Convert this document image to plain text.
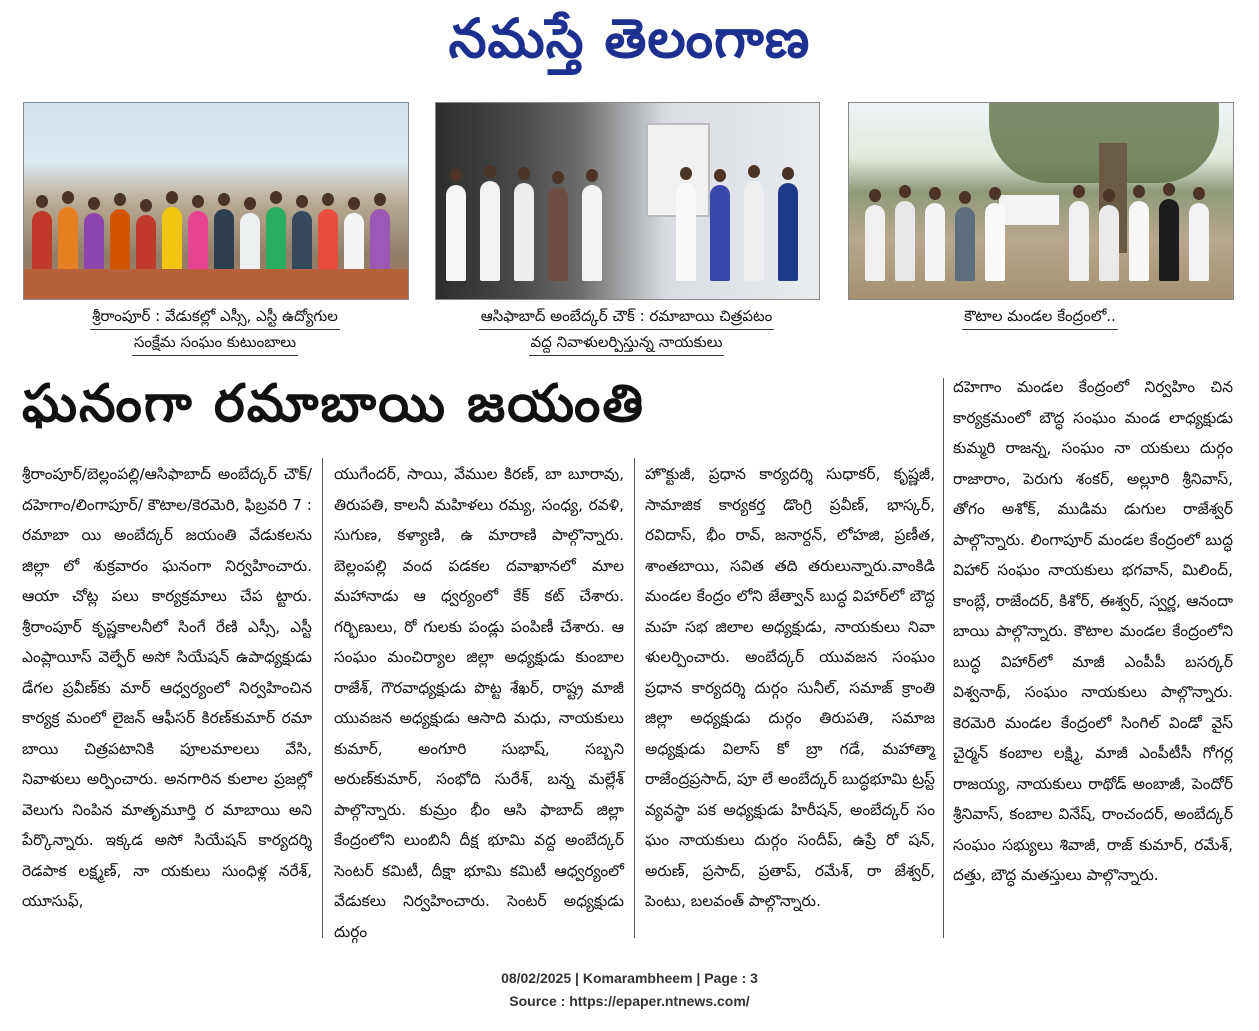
నమస్తే తెలంగాణ
శ్రీరాంపూర్ : వేడుకల్లో ఎస్సీ, ఎస్టీ ఉద్యోగుల
సంక్షేమ సంఘం కుటుంబాలు
ఆసిఫాబాద్ అంబేద్కర్ చౌక్ : రమాబాయి చిత్రపటం
వద్ద నివాళులర్పిస్తున్న నాయకులు
కౌటాల మండల కేంద్రంలో..
ఘనంగా రమాబాయి జయంతి
శ్రీరాంపూర్/బెల్లంపల్లి/ఆసిఫాబాద్ అంబేద్కర్ చౌక్/దహెగాం/లింగాపూర్/ కౌటాల/కెరమెరి, ఫిబ్రవరి 7 : రమాబా యి అంబేద్కర్ జయంతి వేడుకలను జిల్లా లో శుక్రవారం ఘనంగా నిర్వహించారు. ఆయా చోట్ల పలు కార్యక్రమాలు చేప ట్టారు. శ్రీరాంపూర్ కృష్ణకాలనీలో సింగే రేణి ఎస్సీ, ఎస్టీ ఎంప్లాయీస్ వెల్ఫేర్ అసో సియేషన్ ఉపాధ్యక్షుడు డేగల ప్రవీణ్‌కు మార్ ఆధ్వర్యంలో నిర్వహించిన కార్యక్ర మంలో లైజన్ ఆఫీసర్ కిరణ్‌కుమార్ రమా బాయి చిత్రపటానికి పూలమాలలు వేసి, నివాళులు అర్పించారు. అనగారిన కులాల ప్రజల్లో వెలుగు నింపిన మాతృమూర్తి ర మాబాయి అని పేర్కొన్నారు. ఇక్కడ అసో సియేషన్ కార్యదర్శి రెడపాక లక్ష్మణ్, నా యకులు సుంధిళ్ల నరేశ్, యూసుఫ్,
యుగేందర్, సాయి, వేముల కిరణ్, బా బూరావు, తిరుపతి, కాలనీ మహిళలు రమ్య, సంధ్య, రవళి, సుగుణ, కళ్యాణి, ఉ మారాణి పాల్గొన్నారు. బెల్లంపల్లి వంద పడకల దవాఖానలో మాల మహానాడు ఆ ధ్వర్యంలో కేక్ కట్ చేశారు. గర్భిణులు, రో గులకు పండ్లు పంపిణీ చేశారు. ఆ సంఘం మంచిర్యాల జిల్లా అధ్యక్షుడు కుంబాల రాజేశ్, గౌరవాధ్యక్షుడు పొట్ట శేఖర్, రాష్ట్ర మాజీ యువజన అధ్యక్షుడు ఆసాది మధు, నాయకులు కుమార్, అంగూరి సుభాష్, సబ్బని అరుణ్‌కుమార్, సంభోది సురేశ్, బన్న మల్లేశ్ పాల్గొన్నారు. కుమ్రం భీం ఆసి ఫాబాద్ జిల్లా కేంద్రంలోని లుంబినీ దీక్ష భూమి వద్ద అంబేద్కర్ సెంటర్ కమిటీ, దీక్షా భూమి కమిటీ ఆధ్వర్యంలో వేడుకలు నిర్వహించారు. సెంటర్ అధ్యక్షుడు దుర్గం
హొక్టుజీ, ప్రధాన కార్యదర్శి సుధాకర్, కృష్ణజీ, సామాజిక కార్యకర్త డొంగ్రి ప్రవీణ్, భాస్కర్, రవిదాస్, భీం రావ్, జనార్దన్, లోహజి, ప్రణీత, శాంతబాయి, సవిత తది తరులున్నారు.వాంకిడి మండల కేంద్రం లోని జేత్వాన్ బుద్ధ విహార్‌లో బౌద్ధ మహ సభ జిలాల అధ్యక్షుడు, నాయకులు నివా ళులర్పించారు. అంబేద్కర్ యువజన సంఘం ప్రధాన కార్యదర్శి దుర్గం సునీల్, సమాజ్ క్రాంతి జిల్లా అధ్యక్షుడు దుర్గం తిరుపతి, సమాజ అధ్యక్షుడు విలాస్ కో బ్రా గడే, మహాత్మా రాజేంద్రప్రసాద్, పూ లే అంబేద్కర్ బుద్ధభూమి ట్రస్ట్ వ్యవస్థా పక అధ్యక్షుడు హిరీషన్, అంబేద్కర్ సం ఘం నాయకులు దుర్గం సందీప్, ఉప్రే రో షన్, అరుణ్, ప్రసాద్, ప్రతాప్, రమేశ్, రా జేశ్వర్, పెంటు, బలవంత్ పాల్గొన్నారు.
దహెగాం మండల కేంద్రంలో నిర్వహిం చిన కార్యక్రమంలో బౌద్ధ సంఘం మండ లాధ్యక్షుడు కుమ్మరి రాజన్న, సంఘం నా యకులు దుర్గం రాజారాం, పెరుగు శంకర్, అల్లూరి శ్రీనివాస్, తోగం అశోక్, ముడిమ డుగుల రాజేశ్వర్ పాల్గొన్నారు. లింగాపూర్ మండల కేంద్రంలో బుద్ధ విహార్ సంఘం నాయకులు భగవాన్, మిలింద్, కాంబ్లే, రాజేందర్, కిశోర్, ఈశ్వర్, స్వర్ణ, ఆనందా బాయి పాల్గొన్నారు. కౌటాల మండల కేంద్రంలోని బుద్ధ విహార్‌లో మాజీ ఎంపీపీ బసర్కర్ విశ్వనాథ్, సంఘం నాయకులు పాల్గొన్నారు. కెరమెరి మండల కేంద్రంలో సింగిల్ విండో వైస్ చైర్మన్ కంబాల లక్ష్మి, మాజీ ఎంపీటీసీ గోగర్ల రాజయ్య, నాయకులు రాథోడ్ అంబాజీ, పెందోర్ శ్రీనివాస్, కంబాల వినేష్, రాంచందర్, అంబేద్కర్ సంఘం సభ్యులు శివాజీ, రాజ్ కుమార్, రమేశ్, దత్తు, బౌద్ధ మతస్తులు పాల్గొన్నారు.
08/02/2025 | Komarambheem | Page : 3
Source : https://epaper.ntnews.com/
